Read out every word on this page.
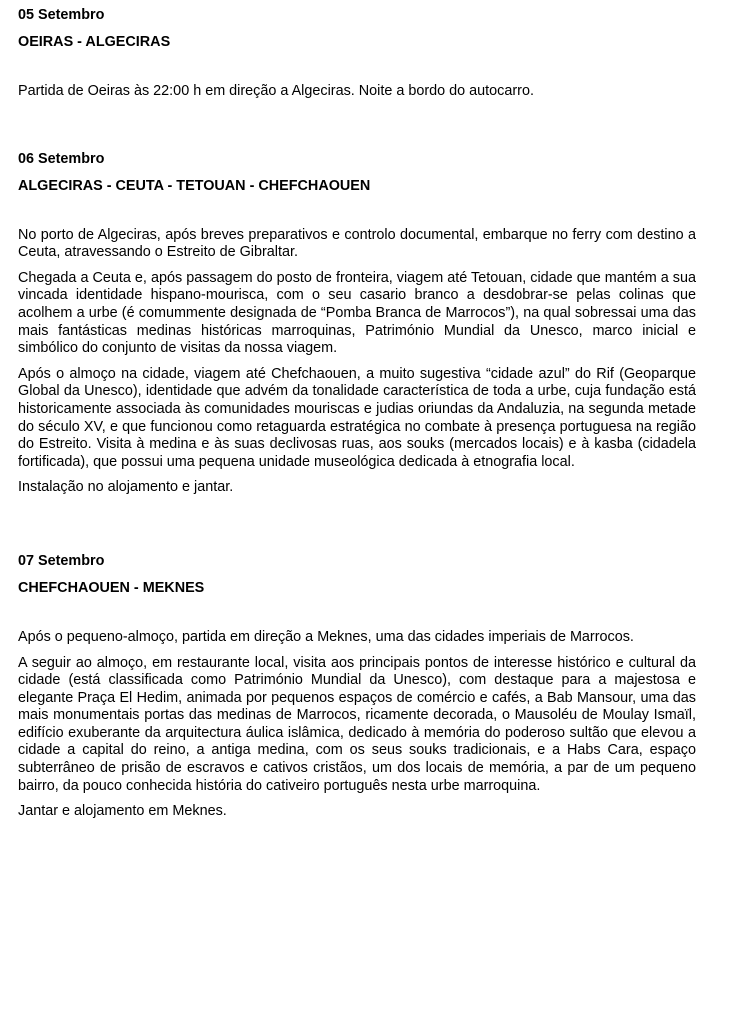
05 Setembro
OEIRAS - ALGECIRAS

Partida de Oeiras às 22:00 h em direção a Algeciras. Noite a bordo do autocarro.

06 Setembro
ALGECIRAS - CEUTA - TETOUAN - CHEFCHAOUEN

No porto de Algeciras, após breves preparativos e controlo documental, embarque no ferry com destino a Ceuta, atravessando o Estreito de Gibraltar.

Chegada a Ceuta e, após passagem do posto de fronteira, viagem até Tetouan, cidade que mantém a sua vincada identidade hispano-mourisca, com o seu casario branco a desdobrar-se pelas colinas que acolhem a urbe (é comummente designada de “Pomba Branca de Marrocos”), na qual sobressai uma das mais fantásticas medinas históricas marroquinas, Património Mundial da Unesco, marco inicial e simbólico do conjunto de visitas da nossa viagem.

Após o almoço na cidade, viagem até Chefchaouen, a muito sugestiva “cidade azul” do Rif (Geoparque Global da Unesco), identidade que advém da tonalidade característica de toda a urbe, cuja fundação está historicamente associada às comunidades mouriscas e judias oriundas da Andaluzia, na segunda metade do século XV, e que funcionou como retaguarda estratégica no combate à presença portuguesa na região do Estreito. Visita à medina e às suas declivosas ruas, aos souks (mercados locais) e à kasba (cidadela fortificada), que possui uma pequena unidade museológica dedicada à etnografia local.

Instalação no alojamento e jantar.

07 Setembro
CHEFCHAOUEN - MEKNES

Após o pequeno-almoço, partida em direção a Meknes, uma das cidades imperiais de Marrocos.

A seguir ao almoço, em restaurante local, visita aos principais pontos de interesse histórico e cultural da cidade (está classificada como Património Mundial da Unesco), com destaque para a majestosa e elegante Praça El Hedim, animada por pequenos espaços de comércio e cafés, a Bab Mansour, uma das mais monumentais portas das medinas de Marrocos, ricamente decorada, o Mausoléu de Moulay Ismaïl, edifício exuberante da arquitectura áulica islâmica, dedicado à memória do poderoso sultão que elevou a cidade a capital do reino, a antiga medina, com os seus souks tradicionais, e a Habs Cara, espaço subterrâneo de prisão de escravos e cativos cristãos, um dos locais de memória, a par de um pequeno bairro, da pouco conhecida história do cativeiro português nesta urbe marroquina.

Jantar e alojamento em Meknes.
